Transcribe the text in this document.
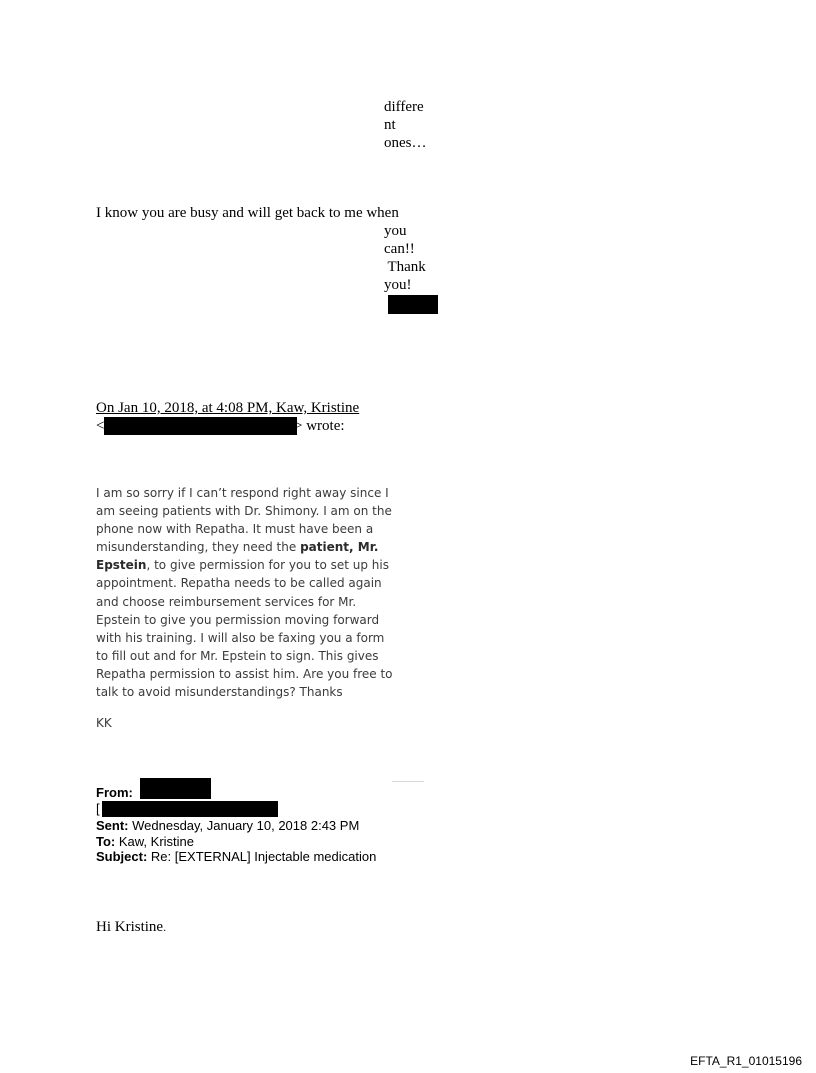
differe
nt
ones…
I know you are busy and will get back to me when
you
can!!
Thank
you!
On Jan 10, 2018, at 4:08 PM, Kaw, Kristine
<	> wrote:
I am so sorry if I can’t respond right away since I am seeing patients with Dr. Shimony. I am on the phone now with Repatha. It must have been a misunderstanding, they need the patient, Mr. Epstein, to give permission for you to set up his appointment. Repatha needs to be called again and choose reimbursement services for Mr. Epstein to give you permission moving forward with his training. I will also be faxing you a form to fill out and for Mr. Epstein to sign. This gives Repatha permission to assist him. Are you free to talk to avoid misunderstandings? Thanks
KK
From:
[
Sent: Wednesday, January 10, 2018 2:43 PM
To: Kaw, Kristine
Subject: Re: [EXTERNAL] Injectable medication
Hi Kristine.
EFTA_R1_01015196
